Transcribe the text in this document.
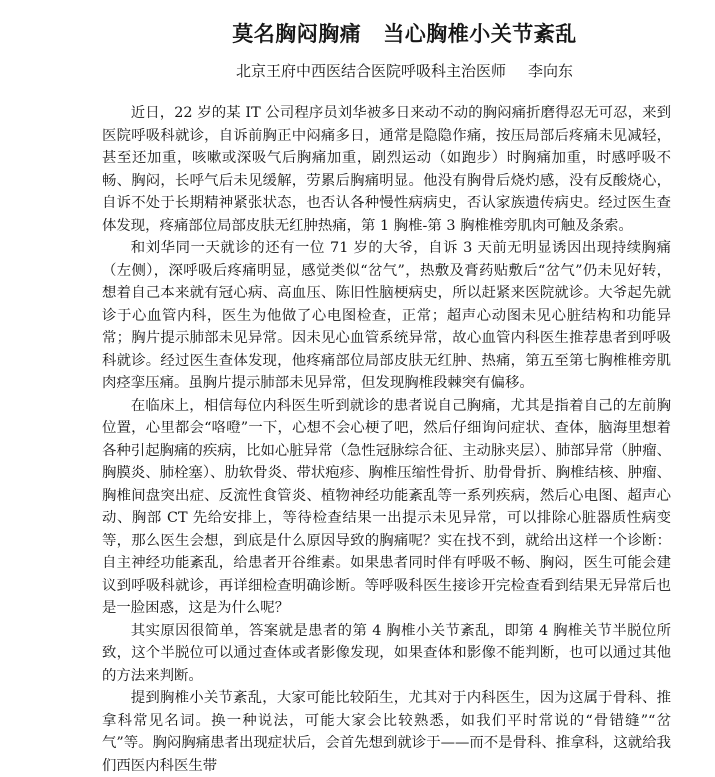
莫名胸闷胸痛 当心胸椎小关节紊乱

北京王府中西医结合医院呼吸科主治医师 李向东

近日，22 岁的某 IT 公司程序员刘华被多日来动不动的胸闷痛折磨得忍无可忍，来到医院呼吸科就诊，自诉前胸正中闷痛多日，通常是隐隐作痛，按压局部后疼痛未见减轻，甚至还加重，咳嗽或深吸气后胸痛加重，剧烈运动（如跑步）时胸痛加重，时感呼吸不畅、胸闷，长呼气后未见缓解，劳累后胸痛明显。他没有胸骨后烧灼感，没有反酸烧心，自诉不处于长期精神紧张状态，也否认各种慢性病病史，否认家族遗传病史。经过医生查体发现，疼痛部位局部皮肤无红肿热痛，第 1 胸椎-第 3 胸椎椎旁肌肉可触及条索。

和刘华同一天就诊的还有一位 71 岁的大爷，自诉 3 天前无明显诱因出现持续胸痛（左侧），深呼吸后疼痛明显，感觉类似“岔气”，热敷及膏药贴敷后“岔气”仍未见好转，想着自己本来就有冠心病、高血压、陈旧性脑梗病史，所以赶紧来医院就诊。大爷起先就诊于心血管内科，医生为他做了心电图检查，正常；超声心动图未见心脏结构和功能异常；胸片提示肺部未见异常。因未见心血管系统异常，故心血管内科医生推荐患者到呼吸科就诊。经过医生查体发现，他疼痛部位局部皮肤无红肿、热痛，第五至第七胸椎椎旁肌肉痉挛压痛。虽胸片提示肺部未见异常，但发现胸椎段棘突有偏移。

在临床上，相信每位内科医生听到就诊的患者说自己胸痛，尤其是指着自己的左前胸位置，心里都会“咯噔”一下，心想不会心梗了吧，然后仔细询问症状、查体，脑海里想着各种引起胸痛的疾病，比如心脏异常（急性冠脉综合征、主动脉夹层）、肺部异常（肿瘤、胸膜炎、肺栓塞）、肋软骨炎、带状疱疹、胸椎压缩性骨折、肋骨骨折、胸椎结核、肿瘤、胸椎间盘突出症、反流性食管炎、植物神经功能紊乱等一系列疾病，然后心电图、超声心动、胸部 CT 先给安排上，等待检查结果一出提示未见异常，可以排除心脏器质性病变等，那么医生会想，到底是什么原因导致的胸痛呢？实在找不到，就给出这样一个诊断：自主神经功能紊乱，给患者开谷维素。如果患者同时伴有呼吸不畅、胸闷，医生可能会建议到呼吸科就诊，再详细检查明确诊断。等呼吸科医生接诊开完检查看到结果无异常后也是一脸困惑，这是为什么呢？

其实原因很简单，答案就是患者的第 4 胸椎小关节紊乱，即第 4 胸椎关节半脱位所致，这个半脱位可以通过查体或者影像发现，如果查体和影像不能判断，也可以通过其他的方法来判断。

提到胸椎小关节紊乱，大家可能比较陌生，尤其对于内科医生，因为这属于骨科、推拿科常见名词。换一种说法，可能大家会比较熟悉，如我们平时常说的“骨错缝”“岔气”等。胸闷胸痛患者出现症状后，会首先想到就诊于——而不是骨科、推拿科，这就给我们西医内科医生带
